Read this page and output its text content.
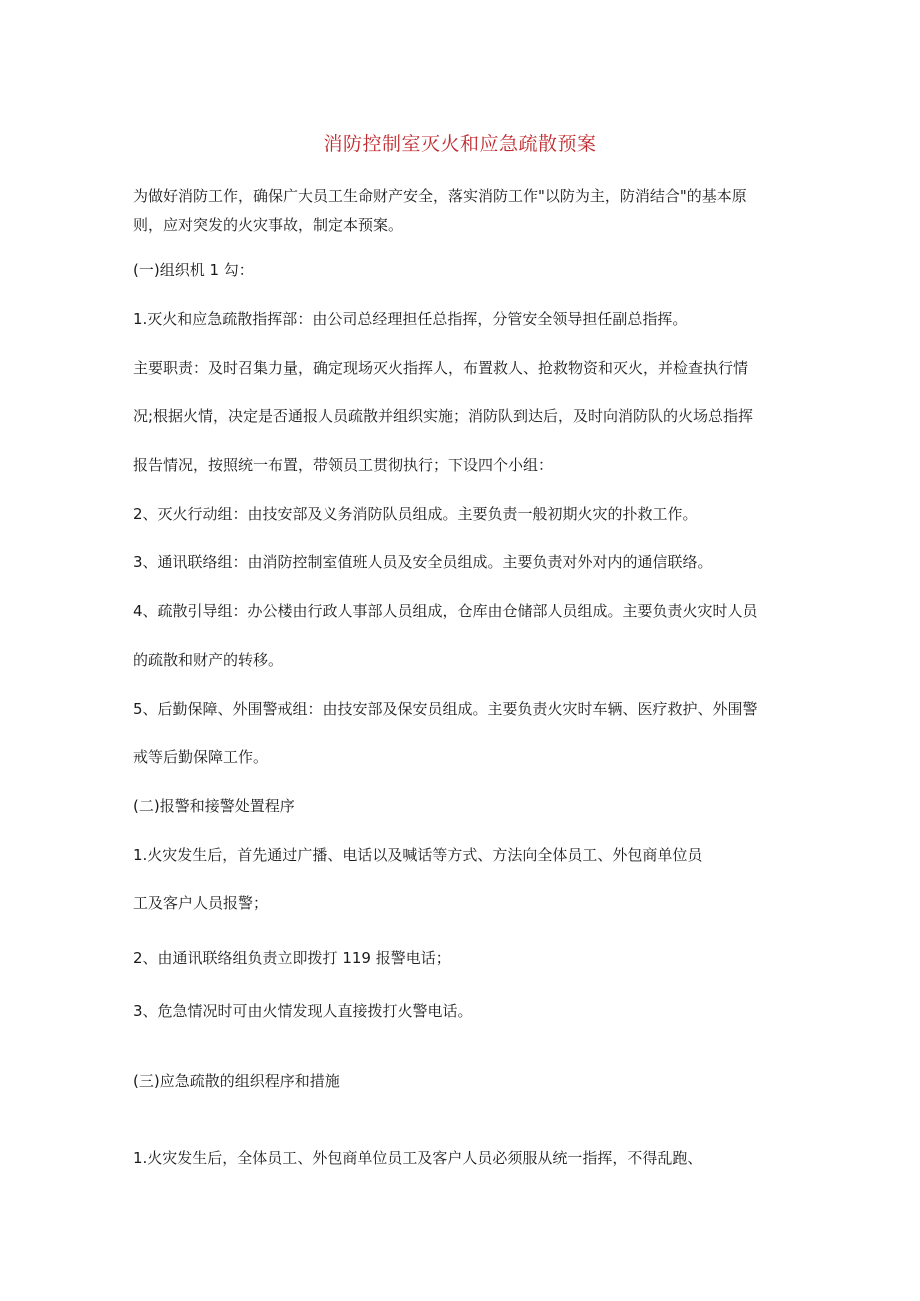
消防控制室灭火和应急疏散预案
为做好消防工作，确保广大员工生命财产安全，落实消防工作"以防为主，防消结合"的基本原
则，应对突发的火灾事故，制定本预案。
(一)组织机 1 勾：
1.灭火和应急疏散指挥部：由公司总经理担任总指挥，分管安全领导担任副总指挥。
主要职责：及时召集力量，确定现场灭火指挥人，布置救人、抢救物资和灭火，并检查执行情
况;根据火情，决定是否通报人员疏散并组织实施；消防队到达后，及时向消防队的火场总指挥
报告情况，按照统一布置，带领员工贯彻执行；下设四个小组：
2、灭火行动组：由技安部及义务消防队员组成。主要负责一般初期火灾的扑救工作。
3、通讯联络组：由消防控制室值班人员及安全员组成。主要负责对外对内的通信联络。
4、疏散引导组：办公楼由行政人事部人员组成，仓库由仓储部人员组成。主要负责火灾时人员
的疏散和财产的转移。
5、后勤保障、外围警戒组：由技安部及保安员组成。主要负责火灾时车辆、医疗救护、外围警
戒等后勤保障工作。
(二)报警和接警处置程序
1.火灾发生后，首先通过广播、电话以及喊话等方式、方法向全体员工、外包商单位员
工及客户人员报警；
2、由通讯联络组负责立即拨打 119 报警电话；
3、危急情况时可由火情发现人直接拨打火警电话。
(三)应急疏散的组织程序和措施
1.火灾发生后，全体员工、外包商单位员工及客户人员必须服从统一指挥，不得乱跑、
